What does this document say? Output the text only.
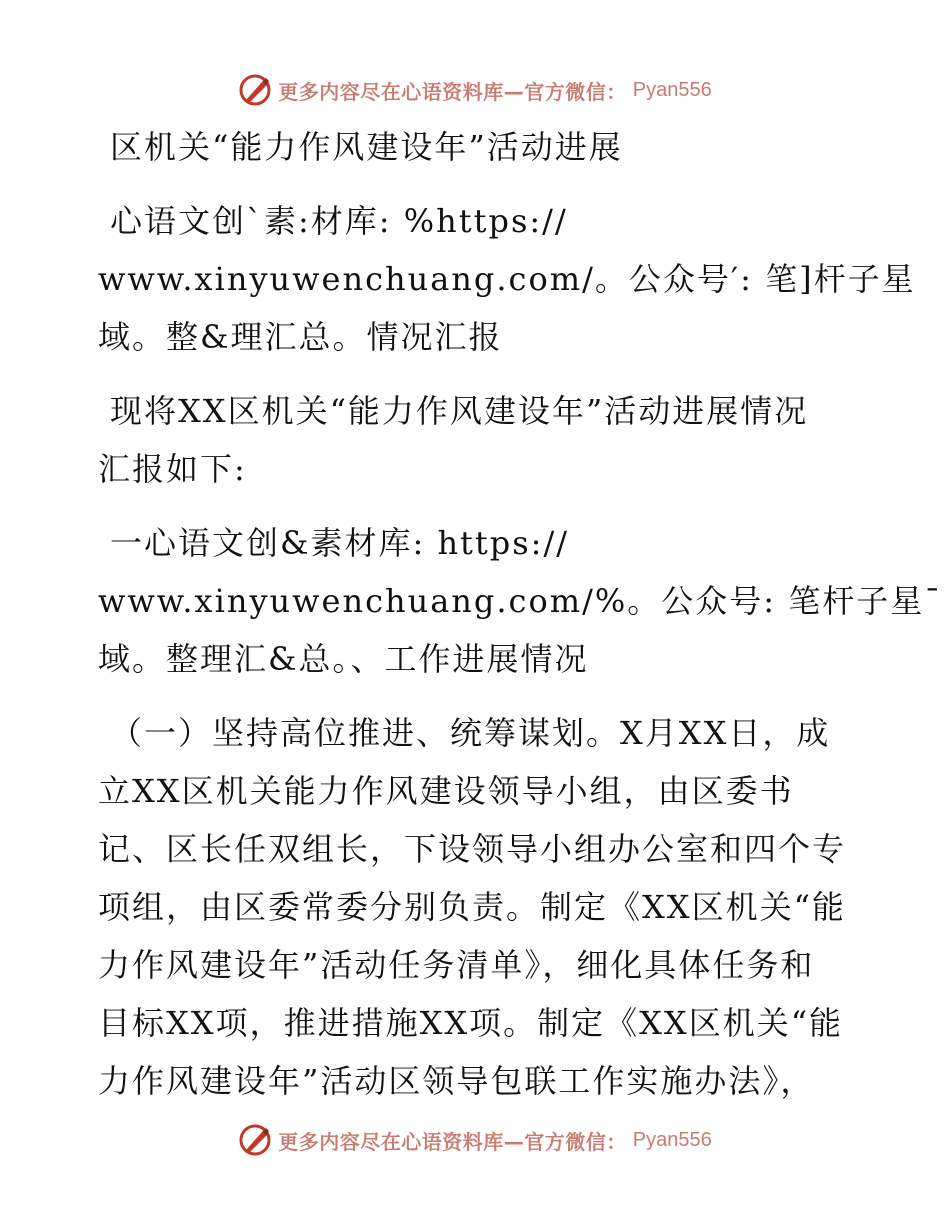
更多内容尽在心语资料库—官方微信： Pyan556
区机关“能力作风建设年”活动进展
心语文创`素:材库: %https://
www.xinyuwenchuang.com/。公众号′: 笔]杆子星
域。整&理汇总。情况汇报
现将XX区机关“能力作风建设年”活动进展情况
汇报如下:
一心语文创&素材库: https://
www.xinyuwenchuang.com/%。公众号: 笔杆子星¯
域。整理汇&总。、工作进展情况
（一）坚持高位推进、统筹谋划。X月XX日，成
立XX区机关能力作风建设领导小组，由区委书
记、区长任双组长，下设领导小组办公室和四个专
项组，由区委常委分别负责。制定《XX区机关“能
力作风建设年”活动任务清单》，细化具体任务和
目标XX项，推进措施XX项。制定《XX区机关“能
力作风建设年”活动区领导包联工作实施办法》，
更多内容尽在心语资料库—官方微信： Pyan556
